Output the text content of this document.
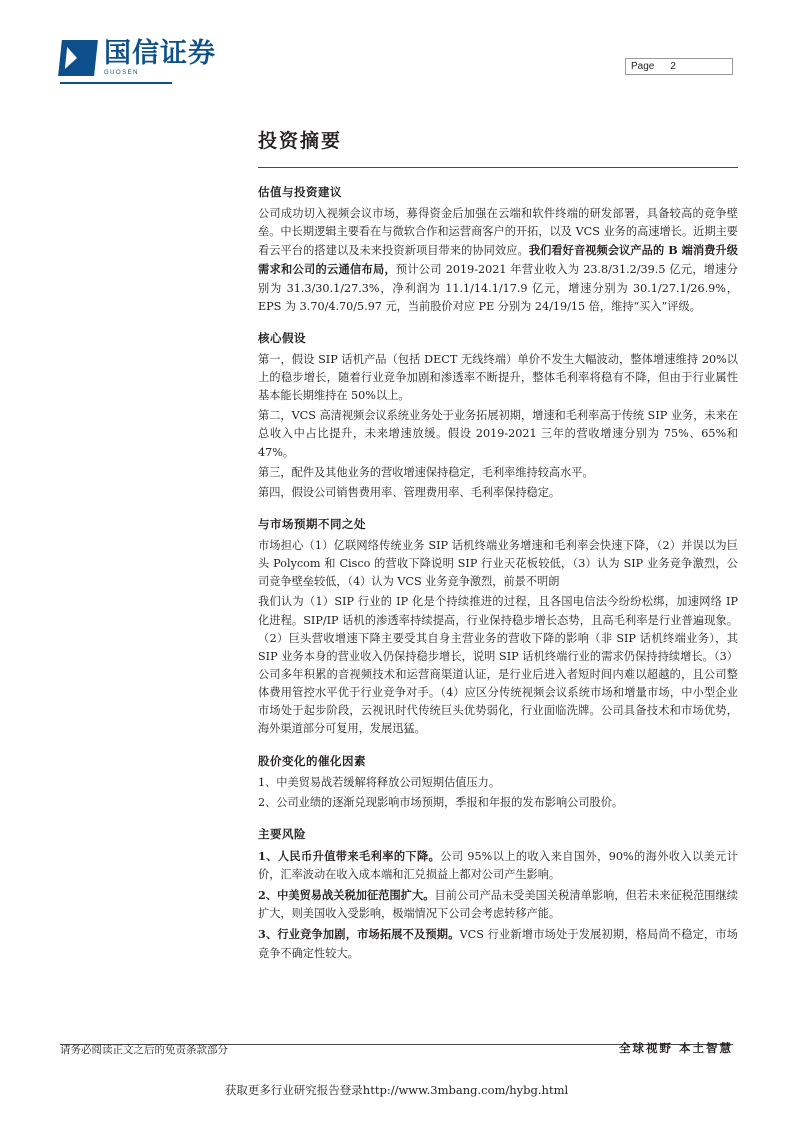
国信证券
GUOSEN
Page 2
投资摘要
估值与投资建议

公司成功切入视频会议市场，募得资金后加强在云端和软件终端的研发部署，具备较高的竞争壁垒。中长期逻辑主要看在与微软合作和运营商客户的开拓，以及 VCS 业务的高速增长。近期主要看云平台的搭建以及未来投资新项目带来的协同效应。我们看好音视频会议产品的 B 端消费升级需求和公司的云通信布局，预计公司 2019-2021 年营业收入为 23.8/31.2/39.5 亿元，增速分别为 31.3/30.1/27.3%，净利润为 11.1/14.1/17.9 亿元，增速分别为 30.1/27.1/26.9%，EPS 为 3.70/4.70/5.97 元，当前股价对应 PE 分别为 24/19/15 倍，维持“买入”评级。

核心假设

第一，假设 SIP 话机产品（包括 DECT 无线终端）单价不发生大幅波动，整体增速维持 20%以上的稳步增长，随着行业竞争加剧和渗透率不断提升，整体毛利率将稳有不降，但由于行业属性基本能长期维持在 50%以上。

第二，VCS 高清视频会议系统业务处于业务拓展初期，增速和毛利率高于传统 SIP 业务，未来在总收入中占比提升，未来增速放缓。假设 2019-2021 三年的营收增速分别为 75%、65%和 47%。

第三，配件及其他业务的营收增速保持稳定，毛利率维持较高水平。

第四，假设公司销售费用率、管理费用率、毛利率保持稳定。

与市场预期不同之处

市场担心（1）亿联网络传统业务 SIP 话机终端业务增速和毛利率会快速下降，（2）并误以为巨头 Polycom 和 Cisco 的营收下降说明 SIP 行业天花板较低，（3）认为 SIP 业务竞争激烈，公司竞争壁垒较低，（4）认为 VCS 业务竞争激烈，前景不明朗

我们认为（1）SIP 行业的 IP 化是个持续推进的过程，且各国电信法今纷纷松绑，加速网络 IP 化进程。SIP/IP 话机的渗透率持续提高，行业保持稳步增长态势，且高毛利率是行业普遍现象。（2）巨头营收增速下降主要受其自身主营业务的营收下降的影响（非 SIP 话机终端业务），其 SIP 业务本身的营业收入仍保持稳步增长，说明 SIP 话机终端行业的需求仍保持持续增长。（3）公司多年积累的音视频技术和运营商渠道认证，是行业后进入者短时间内难以超越的，且公司整体费用管控水平优于行业竞争对手。（4）应区分传统视频会议系统市场和增量市场，中小型企业市场处于起步阶段，云视讯时代传统巨头优势弱化，行业面临洗牌。公司具备技术和市场优势，海外渠道部分可复用，发展迅猛。

股价变化的催化因素

1、中美贸易战若缓解将释放公司短期估值压力。

2、公司业绩的逐渐兑现影响市场预期，季报和年报的发布影响公司股价。

主要风险

1、人民币升值带来毛利率的下降。公司 95%以上的收入来自国外，90%的海外收入以美元计价，汇率波动在收入成本端和汇兑损益上都对公司产生影响。

2、中美贸易战关税加征范围扩大。目前公司产品未受美国关税清单影响，但若未来征税范围继续扩大，则美国收入受影响，极端情况下公司会考虑转移产能。

3、行业竞争加剧，市场拓展不及预期。VCS 行业新增市场处于发展初期，格局尚不稳定，市场竞争不确定性较大。

请务必阅读正文之后的免责条款部分	全球视野 本土智慧
获取更多行业研究报告登录http://www.3mbang.com/hybg.html
